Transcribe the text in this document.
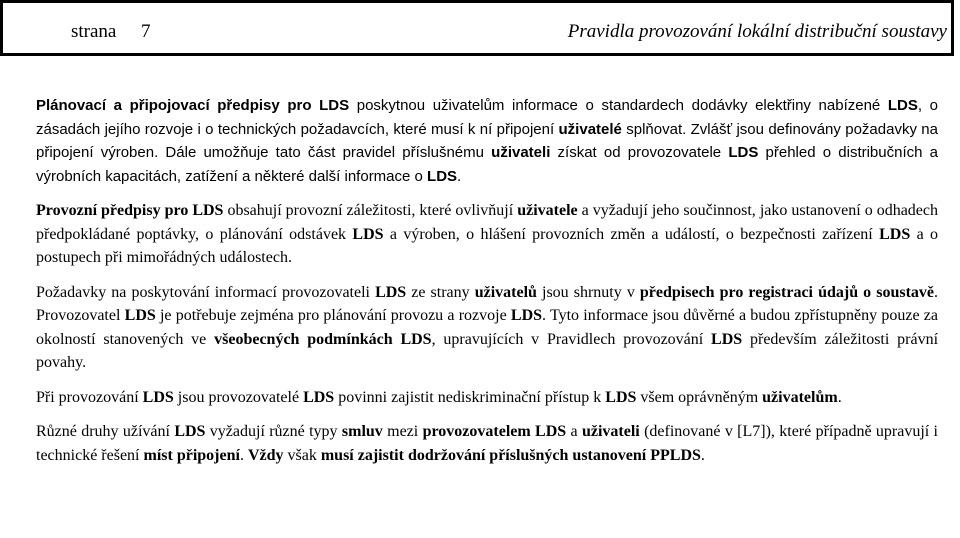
strana 7	Pravidla provozování lokální distribuční soustavy

Plánovací a připojovací předpisy pro LDS poskytnou uživatelům informace o standardech dodávky elektřiny nabízené LDS, o zásadách jejího rozvoje i o technických požadavcích, které musí k ní připojení uživatelé splňovat. Zvlášť jsou definovány požadavky na připojení výroben. Dále umožňuje tato část pravidel příslušnému uživateli získat od provozovatele LDS přehled o distribučních a výrobních kapacitách, zatížení a některé další informace o LDS.

Provozní předpisy pro LDS obsahují provozní záležitosti, které ovlivňují uživatele a vyžadují jeho součinnost, jako ustanovení o odhadech předpokládané poptávky, o plánování odstávek LDS a výroben, o hlášení provozních změn a událostí, o bezpečnosti zařízení LDS a o postupech při mimořádných událostech.

Požadavky na poskytování informací provozovateli LDS ze strany uživatelů jsou shrnuty v předpisech pro registraci údajů o soustavě. Provozovatel LDS je potřebuje zejména pro plánování provozu a rozvoje LDS. Tyto informace jsou důvěrné a budou zpřístupněny pouze za okolností stanovených ve všeobecných podmínkách LDS, upravujících v Pravidlech provozování LDS především záležitosti právní povahy.

Při provozování LDS jsou provozovatelé LDS povinni zajistit nediskriminační přístup k LDS všem oprávněným uživatelům.

Různé druhy užívání LDS vyžadují různé typy smluv mezi provozovatelem LDS a uživateli (definované v [L7]), které případně upravují i technické řešení míst připojení. Vždy však musí zajistit dodržování příslušných ustanovení PPLDS.
